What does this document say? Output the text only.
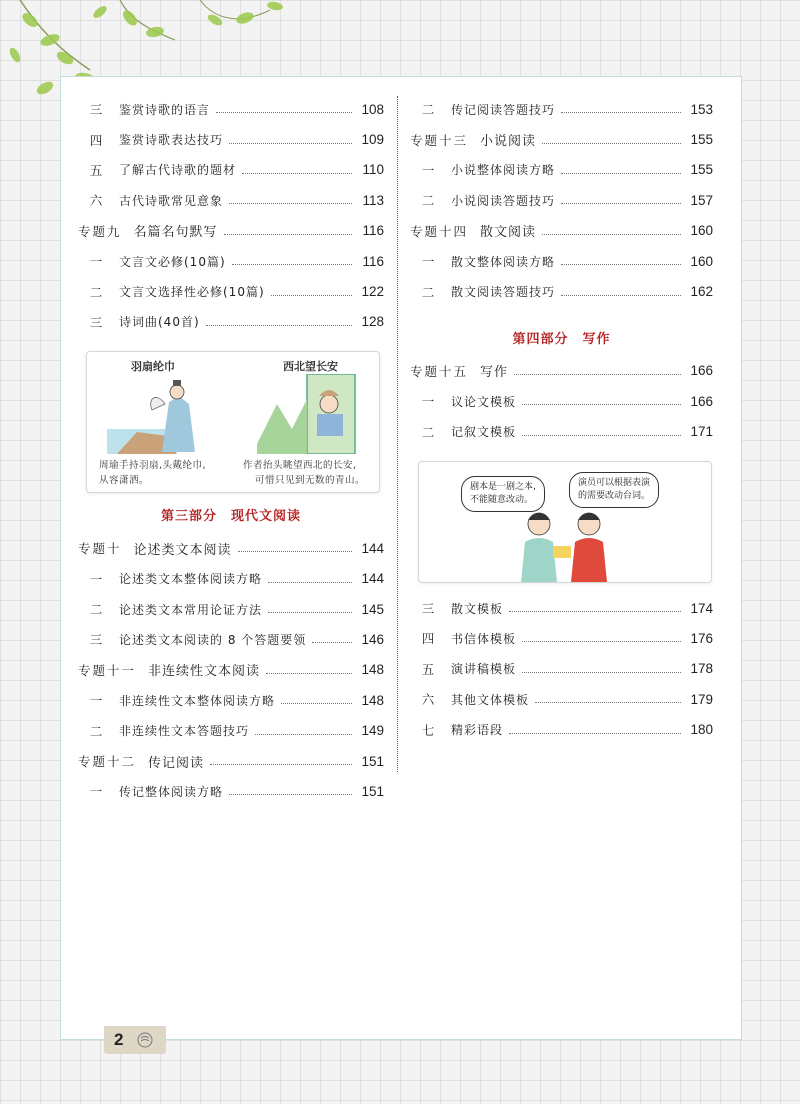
三	鉴赏诗歌的语言	108
四	鉴赏诗歌表达技巧	109
五	了解古代诗歌的题材	110
六	古代诗歌常见意象	113
专题九 名篇名句默写	116
一	文言文必修(10篇)	116
二	文言文选择性必修(10篇)	122
三	诗词曲(40首)	128
羽扇纶巾	西北望长安
周瑜手持羽扇,头戴纶巾,
从容潇洒。
作者抬头眺望西北的长安,
可惜只见到无数的青山。
第三部分　现代文阅读
专题十 论述类文本阅读	144
一	论述类文本整体阅读方略	144
二	论述类文本常用论证方法	145
三	论述类文本阅读的 8 个答题要领	146
专题十一 非连续性文本阅读	148
一	非连续性文本整体阅读方略	148
二	非连续性文本答题技巧	149
专题十二 传记阅读	151
一	传记整体阅读方略	151
二	传记阅读答题技巧	153
专题十三 小说阅读	155
一	小说整体阅读方略	155
二	小说阅读答题技巧	157
专题十四 散文阅读	160
一	散文整体阅读方略	160
二	散文阅读答题技巧	162
第四部分　写作
专题十五 写作	166
一	议论文模板	166
二	记叙文模板	171
剧本是一剧之本,
不能随意改动。
演员可以根据表演
的需要改动台词。
三	散文模板	174
四	书信体模板	176
五	演讲稿模板	178
六	其他文体模板	179
七	精彩语段	180
2
